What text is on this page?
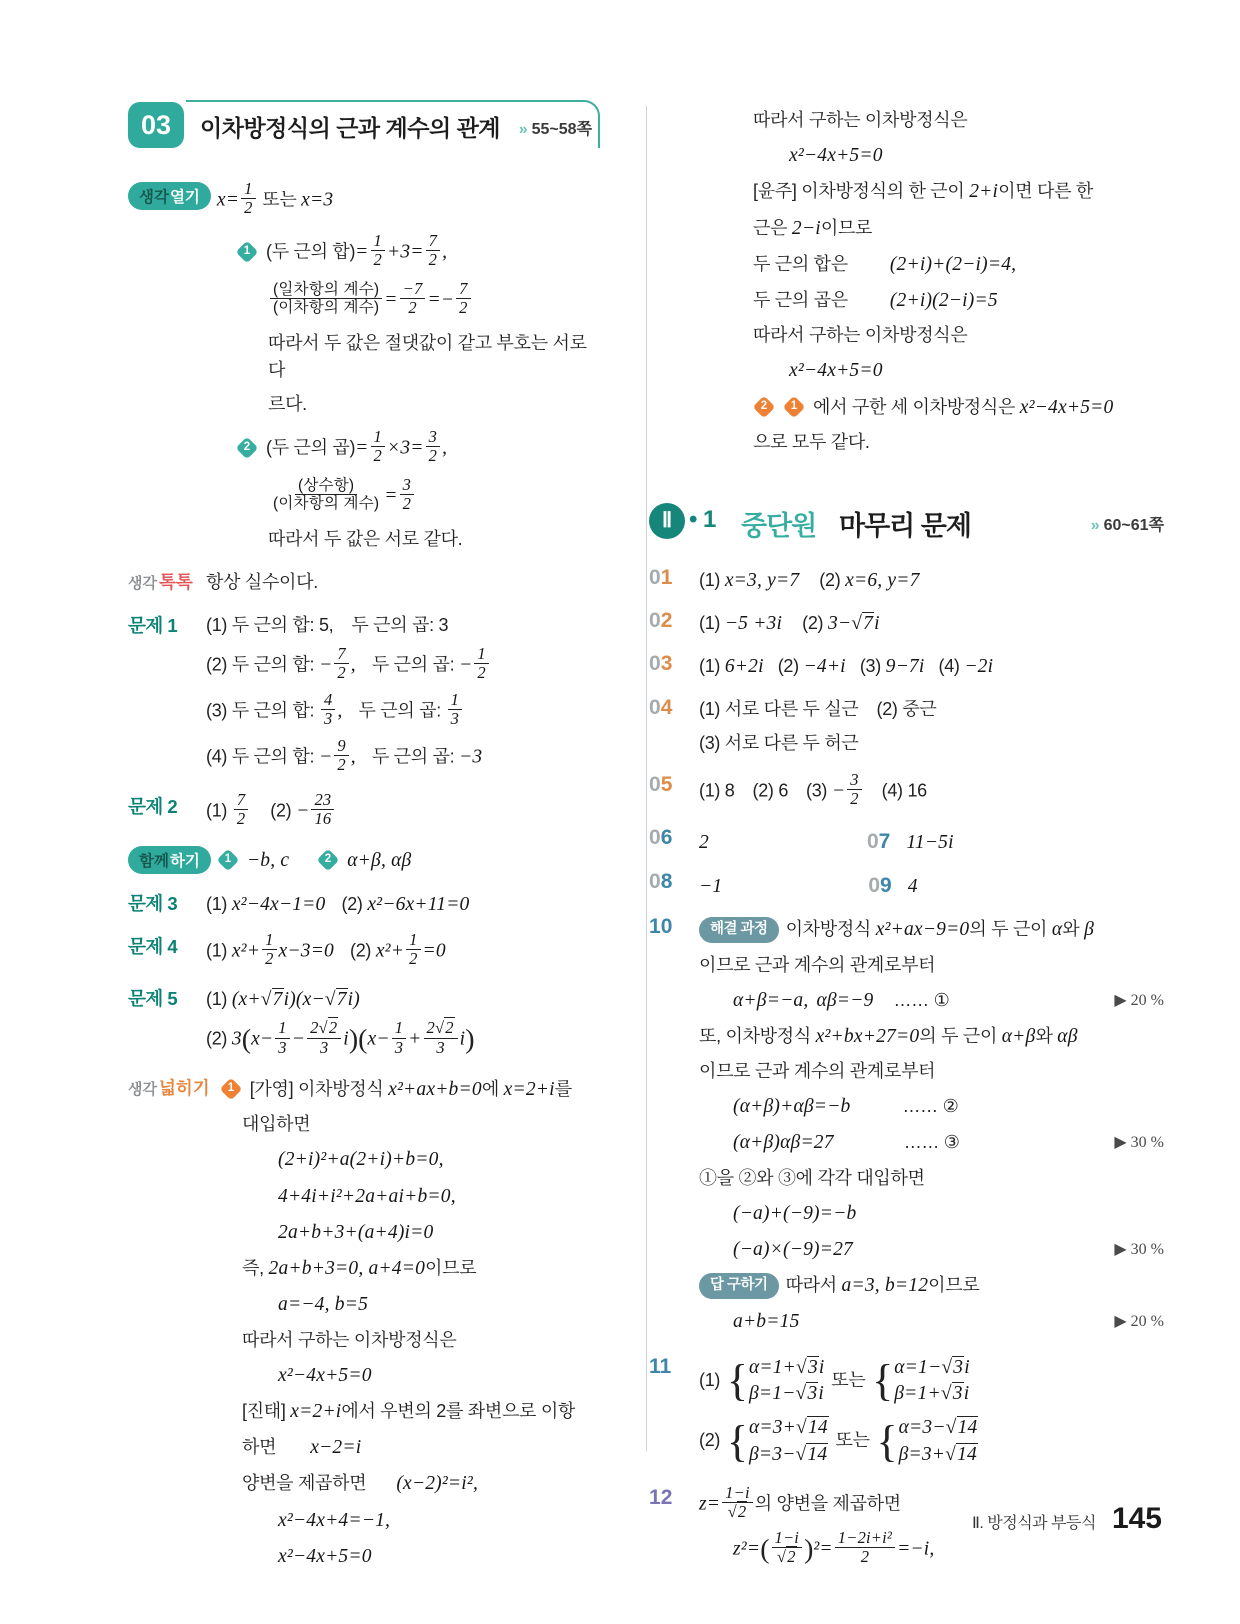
03	이차방정식의 근과 계수의 관계 » 55~58쪽
생각열기 $x= \frac{1}{2}$ 또는 x=3
1 (두 근의 합)= $\frac{1}{2} +3= \frac{7}{2}$ ,
(일차항의 계수)
(이차항의 계수) = $\frac{-7}{2} =- \frac{7}{2}$
따라서 두 값은 절댓값이 같고 부호는 서로 다
르다.
2 (두 근의 곱)= $\frac{1}{2} \times 3= \frac{3}{2}$ ,
(상수항)
(이차항의 계수) = $\frac{3}{2}$
따라서 두 값은 서로 같다.
생각 톡톡 항상 실수이다.
문제 1	(1) 두 근의 합: 5, 두 근의 곱: 3
(2) 두 근의 합: − $\frac{7}{2}$ , 두 근의 곱: − $\frac{1}{2}$
(3) 두 근의 합: $\frac{4}{3}$ , 두 근의 곱: $\frac{1}{3}$
(4) 두 근의 합: − $\frac{9}{2}$ , 두 근의 곱: −3
문제 2	$(1) \frac{7}{2} (2) - \frac{23}{16}$
함께하기	1 −b, c	2 α+β, αβ
문제 3	(1) x²−4x−1=0 (2) x²−6x+11=0
문제 4	(1) $x^2+ \frac{1}{2} x-3=0$ (2) $x^2+ \frac{1}{2} =0$
문제 5	(1) (x+√7i)(x−√7i)
(2) $3(x- \frac{1}{3} - \frac{2√2}{3} i)(x- \frac{1}{3} + \frac{2√2}{3} i)$
생각 넓히기	1 [가영] 이차방정식 x²+ax+b=0에 x=2+i를
대입하면
(2+i)²+a(2+i)+b=0,
4+4i+i²+2a+ai+b=0,
2a+b+3+(a+4)i=0
즉, 2a+b+3=0, a+4=0이므로
a=−4, b=5
따라서 구하는 이차방정식은
x²−4x+5=0
[진태] x=2+i에서 우변의 2를 좌변으로 이항
하면 x−2=i
양변을 제곱하면 (x−2)²=i²,
x²−4x+4=−1,
x²−4x+5=0
따라서 구하는 이차방정식은
x²−4x+5=0
[윤주] 이차방정식의 한 근이 2+i이면 다른 한
근은 2−i이므로
두 근의 합은 (2+i)+(2−i)=4,
두 근의 곱은 (2+i)(2−i)=5
따라서 구하는 이차방정식은
x²−4x+5=0
2	1 에서 구한 세 이차방정식은 x²−4x+5=0
으로 모두 같다.
Ⅱ • 1 중단원 마무리 문제	» 60~61쪽
01	(1) x=3, y=7 (2) x=6, y=7
02	(1) −5 +3i (2) 3−√7i
03	(1) 6+2i (2) −4+i (3) 9−7i (4) −2i
04	(1) 서로 다른 두 실근 (2) 중근
(3) 서로 다른 두 허근
05	(1) 8 (2) 6 $(3) - \frac{3}{2} (4)$ 16
06	2	07 11−5i
08	−1	09 4
10	해결 과정 이차방정식 x²+ax−9=0의 두 근이 α와 β
이므로 근과 계수의 관계로부터
α+β=−a, αβ=−9 …… ①	▶ 20 %
또, 이차방정식 x²+bx+27=0의 두 근이 α+β와 αβ
이므로 근과 계수의 관계로부터
(α+β)+αβ=−b	…… ②
(α+β)αβ=27	…… ③	▶ 30 %
①을 ②와 ③에 각각 대입하면
(−a)+(−9)=−b
(−a)×(−9)=27	▶ 30 %
답 구하기 따라서 a=3, b=12이므로
a+b=15	▶ 20 %
11
(1) { α=1+√3i
β=1−√3i
또는 { α=1−√3i
β=1+√3i
(2) { α=3+√14
β=3−√14
또는 { α=3−√14
β=3+√14
12	$z= \frac{1-i}{√2}$ 의 양변을 제곱하면
$z^2=( \frac{1-i}{√2} )^2= \frac{\text{1−2i+i²}}{2} =-i$,
Ⅱ. 방정식과 부등식 145
